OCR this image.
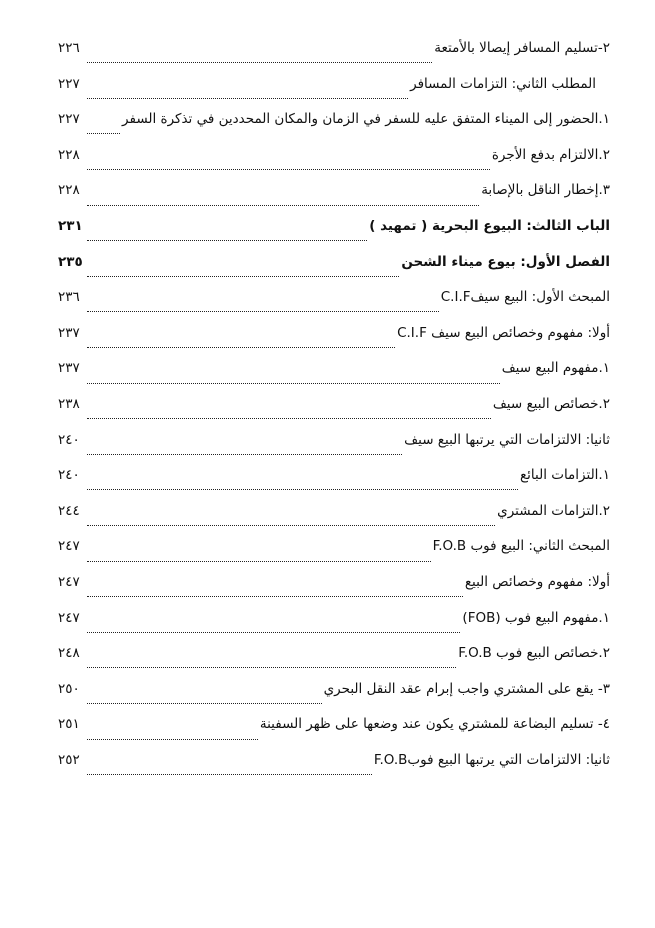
٢-تسليم المسافر إيصالا بالأمتعة
٢٢٦
المطلب الثاني: التزامات المسافر
٢٢٧
١.الحضور إلى الميناء المتفق عليه للسفر في الزمان والمكان المحددين في تذكرة السفر
٢٢٧
٢.الالتزام بدفع الأجرة
٢٢٨
٣.إخطار الناقل بالإصابة
٢٢٨
الباب الثالث: البيوع البحرية ( تمهيد )
٢٣١
الفصل الأول: بيوع ميناء الشحن
٢٣٥
المبحث الأول: البيع سيفC.I.F
٢٣٦
أولا: مفهوم وخصائص البيع سيف C.I.F
٢٣٧
١.مفهوم البيع سيف
٢٣٧
٢.خصائص البيع سيف
٢٣٨
ثانيا: الالتزامات التي يرتبها البيع سيف
٢٤٠
١.التزامات البائع
٢٤٠
٢.التزامات المشتري
٢٤٤
المبحث الثاني: البيع فوب F.O.B
٢٤٧
أولا: مفهوم وخصائص البيع
٢٤٧
١.مفهوم البيع فوب (FOB)
٢٤٧
٢.خصائص البيع فوب F.O.B
٢٤٨
٣- يقع على المشتري واجب إبرام عقد النقل البحري
٢٥٠
٤- تسليم البضاعة للمشتري يكون عند وضعها على ظهر السفينة
٢٥١
ثانيا: الالتزامات التي يرتبها البيع فوبF.O.B
٢٥٢
